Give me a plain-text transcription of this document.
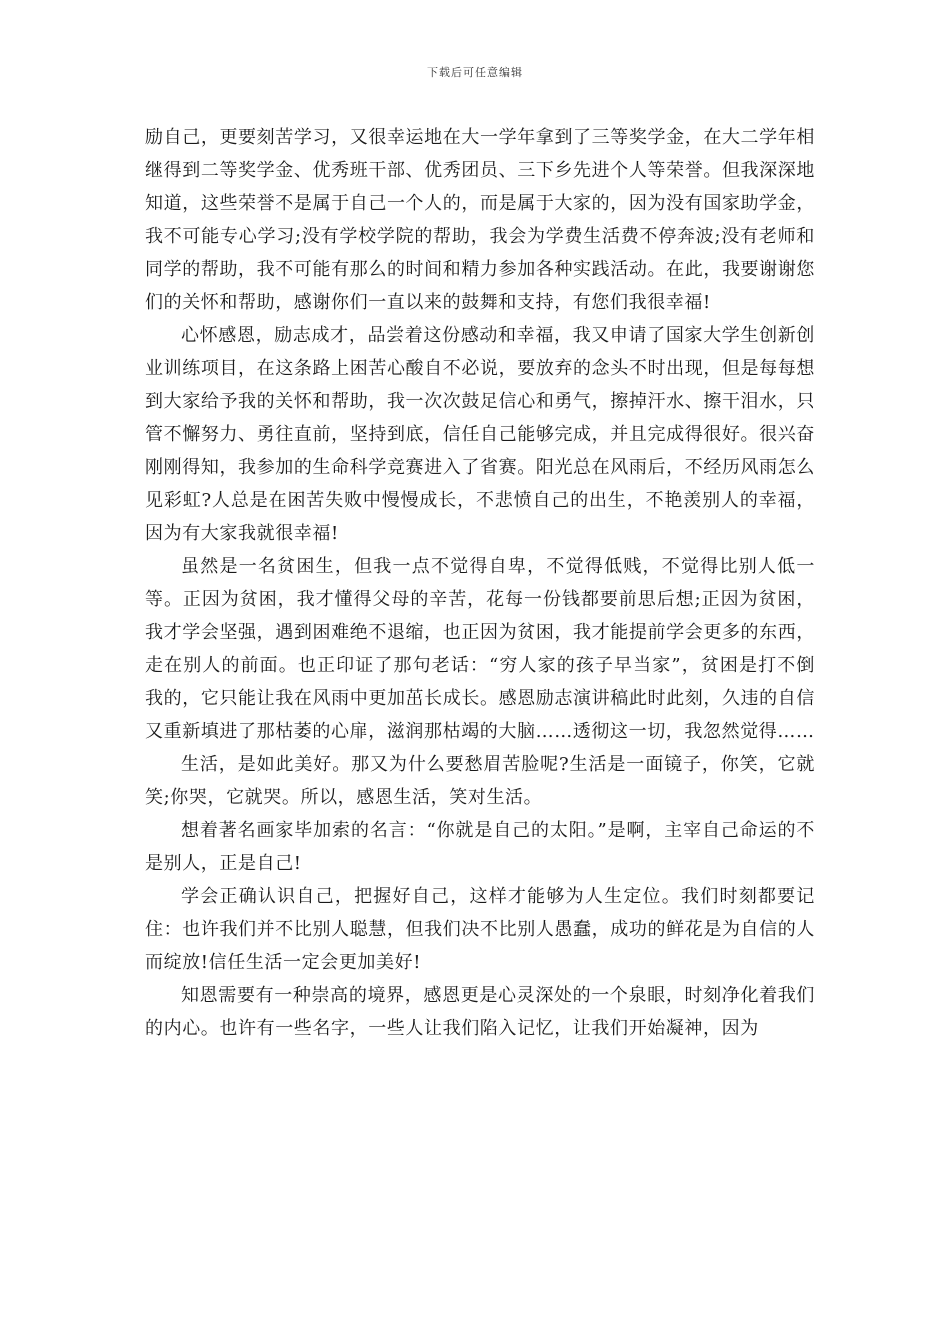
下载后可任意编辑

励自己，更要刻苦学习，又很幸运地在大一学年拿到了三等奖学金，在大二学年相继得到二等奖学金、优秀班干部、优秀团员、三下乡先进个人等荣誉。但我深深地知道，这些荣誉不是属于自己一个人的，而是属于大家的，因为没有国家助学金，我不可能专心学习;没有学校学院的帮助，我会为学费生活费不停奔波;没有老师和同学的帮助，我不可能有那么的时间和精力参加各种实践活动。在此，我要谢谢您们的关怀和帮助，感谢你们一直以来的鼓舞和支持，有您们我很幸福!

心怀感恩，励志成才，品尝着这份感动和幸福，我又申请了国家大学生创新创业训练项目，在这条路上困苦心酸自不必说，要放弃的念头不时出现，但是每每想到大家给予我的关怀和帮助，我一次次鼓足信心和勇气，擦掉汗水、擦干泪水，只管不懈努力、勇往直前，坚持到底，信任自己能够完成，并且完成得很好。很兴奋刚刚得知，我参加的生命科学竞赛进入了省赛。阳光总在风雨后，不经历风雨怎么见彩虹?人总是在困苦失败中慢慢成长，不悲愤自己的出生，不艳羡别人的幸福，因为有大家我就很幸福!

虽然是一名贫困生，但我一点不觉得自卑，不觉得低贱，不觉得比别人低一等。正因为贫困，我才懂得父母的辛苦，花每一份钱都要前思后想;正因为贫困，我才学会坚强，遇到困难绝不退缩，也正因为贫困，我才能提前学会更多的东西，走在别人的前面。也正印证了那句老话：“穷人家的孩子早当家”，贫困是打不倒我的，它只能让我在风雨中更加茁长成长。感恩励志演讲稿此时此刻，久违的自信又重新填进了那枯萎的心扉，滋润那枯竭的大脑……透彻这一切，我忽然觉得……

生活，是如此美好。那又为什么要愁眉苦脸呢?生活是一面镜子，你笑，它就笑;你哭，它就哭。所以，感恩生活，笑对生活。

想着著名画家毕加索的名言：“你就是自己的太阳。”是啊，主宰自己命运的不是别人，正是自己!

学会正确认识自己，把握好自己，这样才能够为人生定位。我们时刻都要记住：也许我们并不比别人聪慧，但我们决不比别人愚蠢，成功的鲜花是为自信的人而绽放!信任生活一定会更加美好!

知恩需要有一种崇高的境界，感恩更是心灵深处的一个泉眼，时刻净化着我们的内心。也许有一些名字，一些人让我们陷入记忆，让我们开始凝神，因为
